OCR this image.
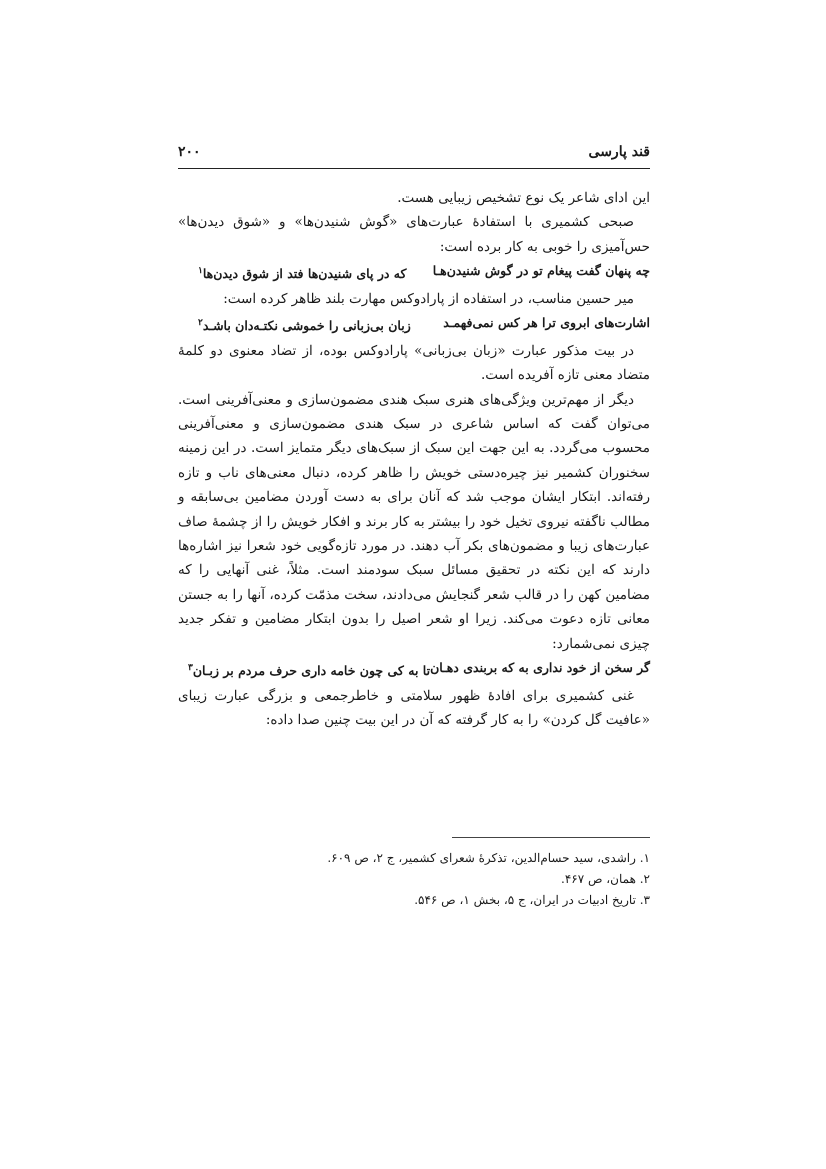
قند پارسی
۲۰۰

این ادای شاعر یک نوع تشخیص زیبایی هست.

صبحی کشمیری با استفادهٔ عبارت‌های «گوش شنیدن‌ها» و «شوق دیدن‌ها» حس‌آمیزی را خوبی به کار برده است:

چه پنهان گفت پیغام تو در گوش شنیدن‌هـا
که در پای شنیدن‌ها فتد از شوق دیدن‌ها$^۱$

میر حسین مناسب، در استفاده از پارادوکس مهارت بلند ظاهر کرده است:

اشارت‌های ابروی ترا هر کس نمی‌فهمـد
زبان بی‌زبانی را خموشی نکتـه‌دان باشـد$^۲$

در بیت مذکور عبارت «زبان بی‌زبانی» پارادوکس بوده، از تضاد معنوی دو کلمهٔ متضاد معنی تازه آفریده است.

دیگر از مهم‌ترین ویژگی‌های هنری سبک هندی مضمون‌سازی و معنی‌آفرینی است. می‌توان گفت که اساس شاعری در سبک هندی مضمون‌سازی و معنی‌آفرینی محسوب می‌گردد. به این جهت این سبک از سبک‌های دیگر متمایز است. در این زمینه سخنوران کشمیر نیز چیره‌دستی خویش را ظاهر کرده، دنبال معنی‌های ناب و تازه رفته‌اند. ابتکار ایشان موجب شد که آنان برای به دست آوردن مضامین بی‌سابقه و مطالب ناگفته نیروی تخیل خود را بیشتر به کار برند و افکار خویش را از چشمهٔ صاف عبارت‌های زیبا و مضمون‌های بکر آب دهند. در مورد تازه‌گویی خود شعرا نیز اشاره‌ها دارند که این نکته در تحقیق مسائل سبک سودمند است. مثلاً، غنی آنهایی را که مضامین کهن را در قالب شعر گنجایش می‌دادند، سخت مذمّت کرده، آنها را به جستن معانی تازه دعوت می‌کند. زیرا او شعر اصیل را بدون ابتکار مضامین و تفکر جدید چیزی نمی‌شمارد:

گر سخن از خود نداری به که بربندی دهـان
تا به کی چون خامه داری حرف مردم بر زبـان$^۳$

غنی کشمیری برای افادهٔ ظهور سلامتی و خاطرجمعی و بزرگی عبارت زیبای «عافیت گل کردن» را به کار گرفته که آن در این بیت چنین صدا داده:

۱. راشدی، سید حسام‌الدین، تذکرهٔ شعرای کشمیر، ج ۲، ص ۶۰۹.
۲. همان، ص ۴۶۷.
۳. تاریخ ادبیات در ایران، ج ۵، بخش ۱، ص ۵۴۶.
